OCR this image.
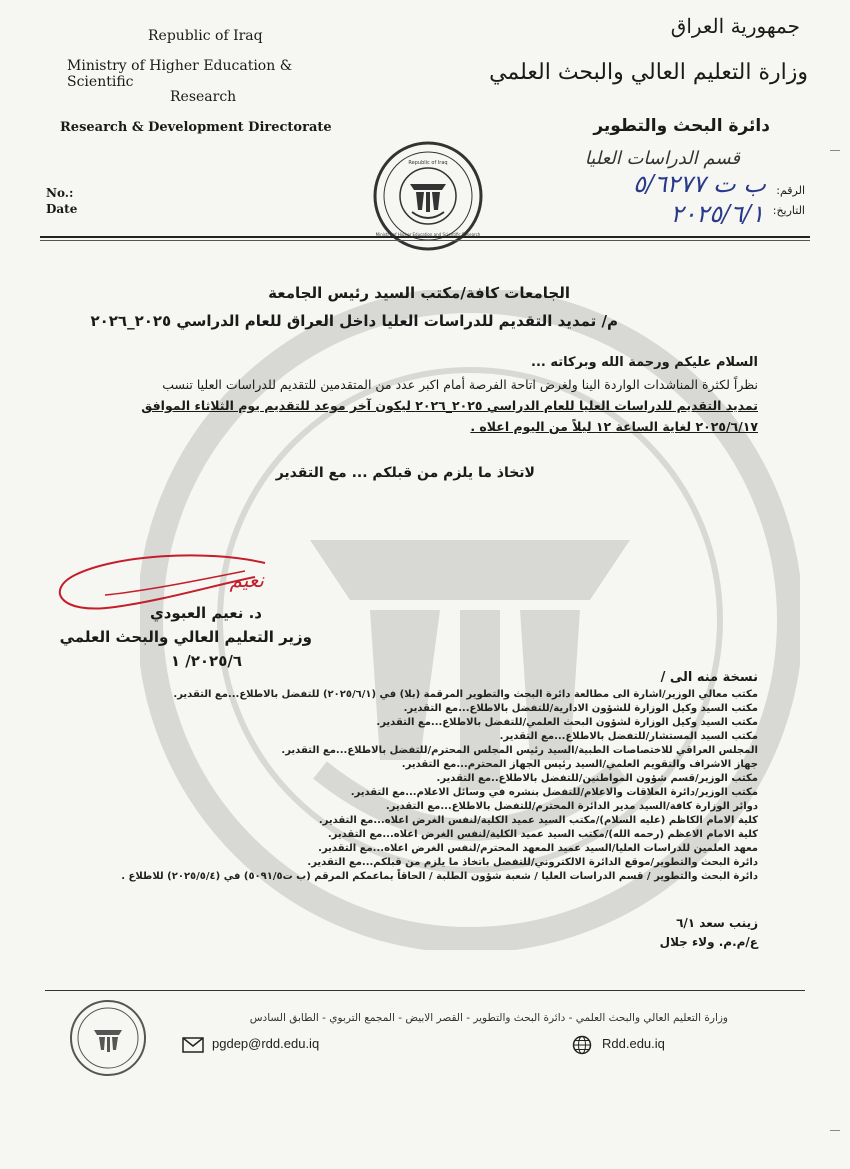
Republic of Iraq
Ministry of Higher Education & Scientific
Research
Research & Development Directorate
No.:
Date
جمهورية العراق
وزارة التعليم العالي والبحث العلمي
دائرة البحث والتطوير
قسم الدراسات العليا
الرقم:
التاريخ:
ب ت ٥/٦٢٧٧
٢٠٢٥/٦/١
Republic of Iraq
Ministry of Higher Education and Scientific Research
الجامعات كافة/مكتب السيد رئيس الجامعة
م/ تمديد التقديم للدراسات العليا داخل العراق للعام الدراسي ٢٠٢٥_٢٠٢٦
السلام عليكم ورحمة الله وبركاته ...
نظراً لكثرة المناشدات الواردة الينا ولغرض اتاحة الفرصة أمام اكبر عدد من المتقدمين للتقديم للدراسات العليا تنسب
تمديد التقديم للدراسات العليا للعام الدراسي ٢٠٢٥_٢٠٢٦ ليكون آخر موعد للتقديم يوم الثلاثاء الموافق
٢٠٢٥/٦/١٧ لغاية الساعة ١٢ ليلاً من اليوم اعلاه .
لاتخاذ ما يلزم من قبلكم ... مع التقدير
نعيم
د. نعيم العبودي
وزير التعليم العالي والبحث العلمي
٢٠٢٥/٦/ ١
نسخة منه الى /
مكتب معالي الوزير/اشارة الى مطالعة دائرة البحث والتطوير المرقمة (بلا) في (٢٠٢٥/٦/١) للتفضل بالاطلاع...مع التقدير.
مكتب السيد وكيل الوزارة للشؤون الادارية/للتفضل بالاطلاع...مع التقدير.
مكتب السيد وكيل الوزارة لشؤون البحث العلمي/للتفضل بالاطلاع...مع التقدير.
مكتب السيد المستشار/للتفضل بالاطلاع...مع التقدير.
المجلس العراقي للاختصاصات الطبية/السيد رئيس المجلس المحترم/للتفضل بالاطلاع...مع التقدير.
جهاز الاشراف والتقويم العلمي/السيد رئيس الجهاز المحترم...مع التقدير.
مكتب الوزير/قسم شؤون المواطنين/للتفضل بالاطلاع..مع التقدير.
مكتب الوزير/دائرة العلاقات والاعلام/للتفضل بنشره في وسائل الاعلام...مع التقدير.
دوائر الوزارة كافة/السيد مدير الدائرة المحترم/للتفضل بالاطلاع...مع التقدير.
كلية الامام الكاظم (عليه السلام)/مكتب السيد عميد الكلية/لنفس الغرض اعلاه...مع التقدير.
كلية الامام الاعظم (رحمه الله)/مكتب السيد عميد الكلية/لنفس الغرض اعلاه...مع التقدير.
معهد العلمين للدراسات العليا/السيد عميد المعهد المحترم/لنفس الغرض اعلاه...مع التقدير.
دائرة البحث والتطوير/موقع الدائرة الالكتروني/للتفضل باتخاذ ما يلزم من قبلكم...مع التقدير.
دائرة البحث والتطوير / قسم الدراسات العليا / شعبة شؤون الطلبة / الحاقاً بماعمكم المرقم (ب ت٥٠٩١/٥) في (٢٠٢٥/٥/٤) للاطلاع .
زينب سعد ٦/١
ع/م.م. ولاء جلال
وزارة التعليم العالي والبحث العلمي - دائرة البحث والتطوير - القصر الابيض - المجمع التربوي - الطابق السادس
pgdep@rdd.edu.iq	Rdd.edu.iq
